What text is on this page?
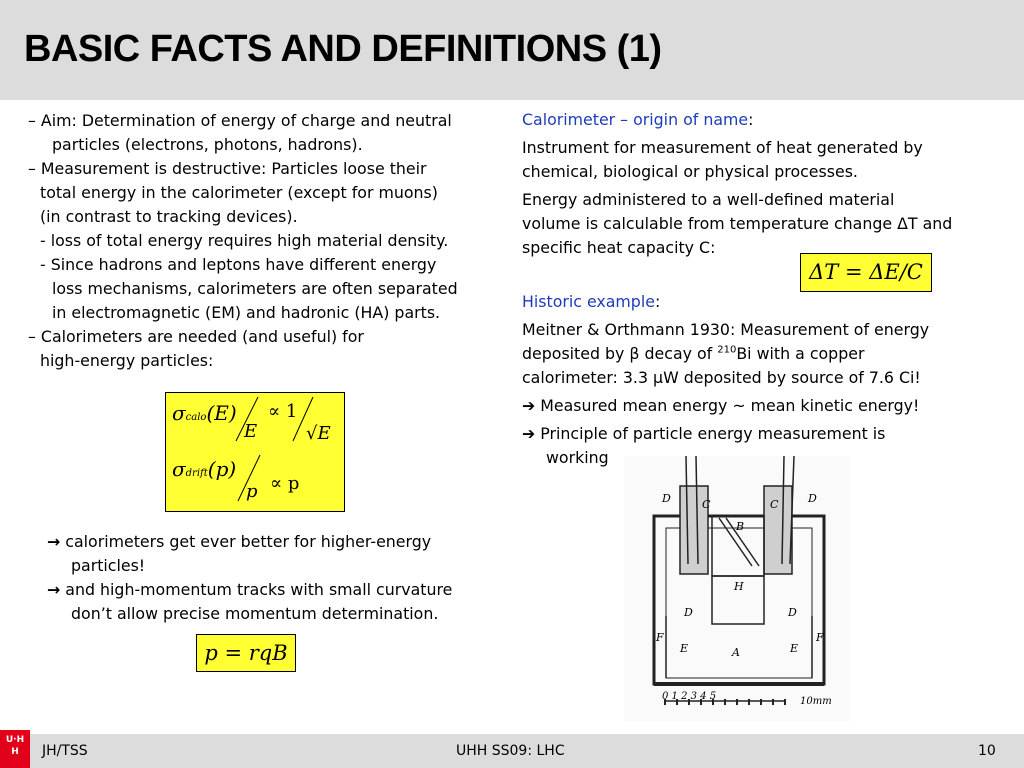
BASIC FACTS AND DEFINITIONS (1)

– Aim: Determination of energy of charge and neutral

particles (electrons, photons, hadrons).

– Measurement is destructive: Particles loose their

total energy in the calorimeter (except for muons)

(in contrast to tracking devices).

- loss of total energy requires high material density.

- Since hadrons and leptons have different energy

loss mechanisms, calorimeters are often separated

in electromagnetic (EM) and hadronic (HA) parts.

– Calorimeters are needed (and useful) for

high-energy particles:

σcalo(E)
E
∝ 1
√E
σdrift(p)
p ∝ p

→ calorimeters get ever better for higher-energy

particles!

→ and high-momentum tracks with small curvature

don’t allow precise momentum determination.

p = rqB

Calorimeter – origin of name:

Instrument for measurement of heat generated by

chemical, biological or physical processes.

Energy administered to a well-defined material

volume is calculable from temperature change ΔT and

specific heat capacity C:

Historic example:

Meitner & Orthmann 1930: Measurement of energy

deposited by β decay of $^{210}$Bi with a copper

calorimeter: 3.3 μW deposited by source of 7.6 Ci!

➔ Measured mean energy ~ mean kinetic energy!

➔ Principle of particle energy measurement is

working

ΔT = ΔE/C
D	C	C	D
B
H
D	D
F	F
E	E
A
0 1 2 3 4 5	10mm
JH/TSS	UHH SS09: LHC	10
U·H
H
